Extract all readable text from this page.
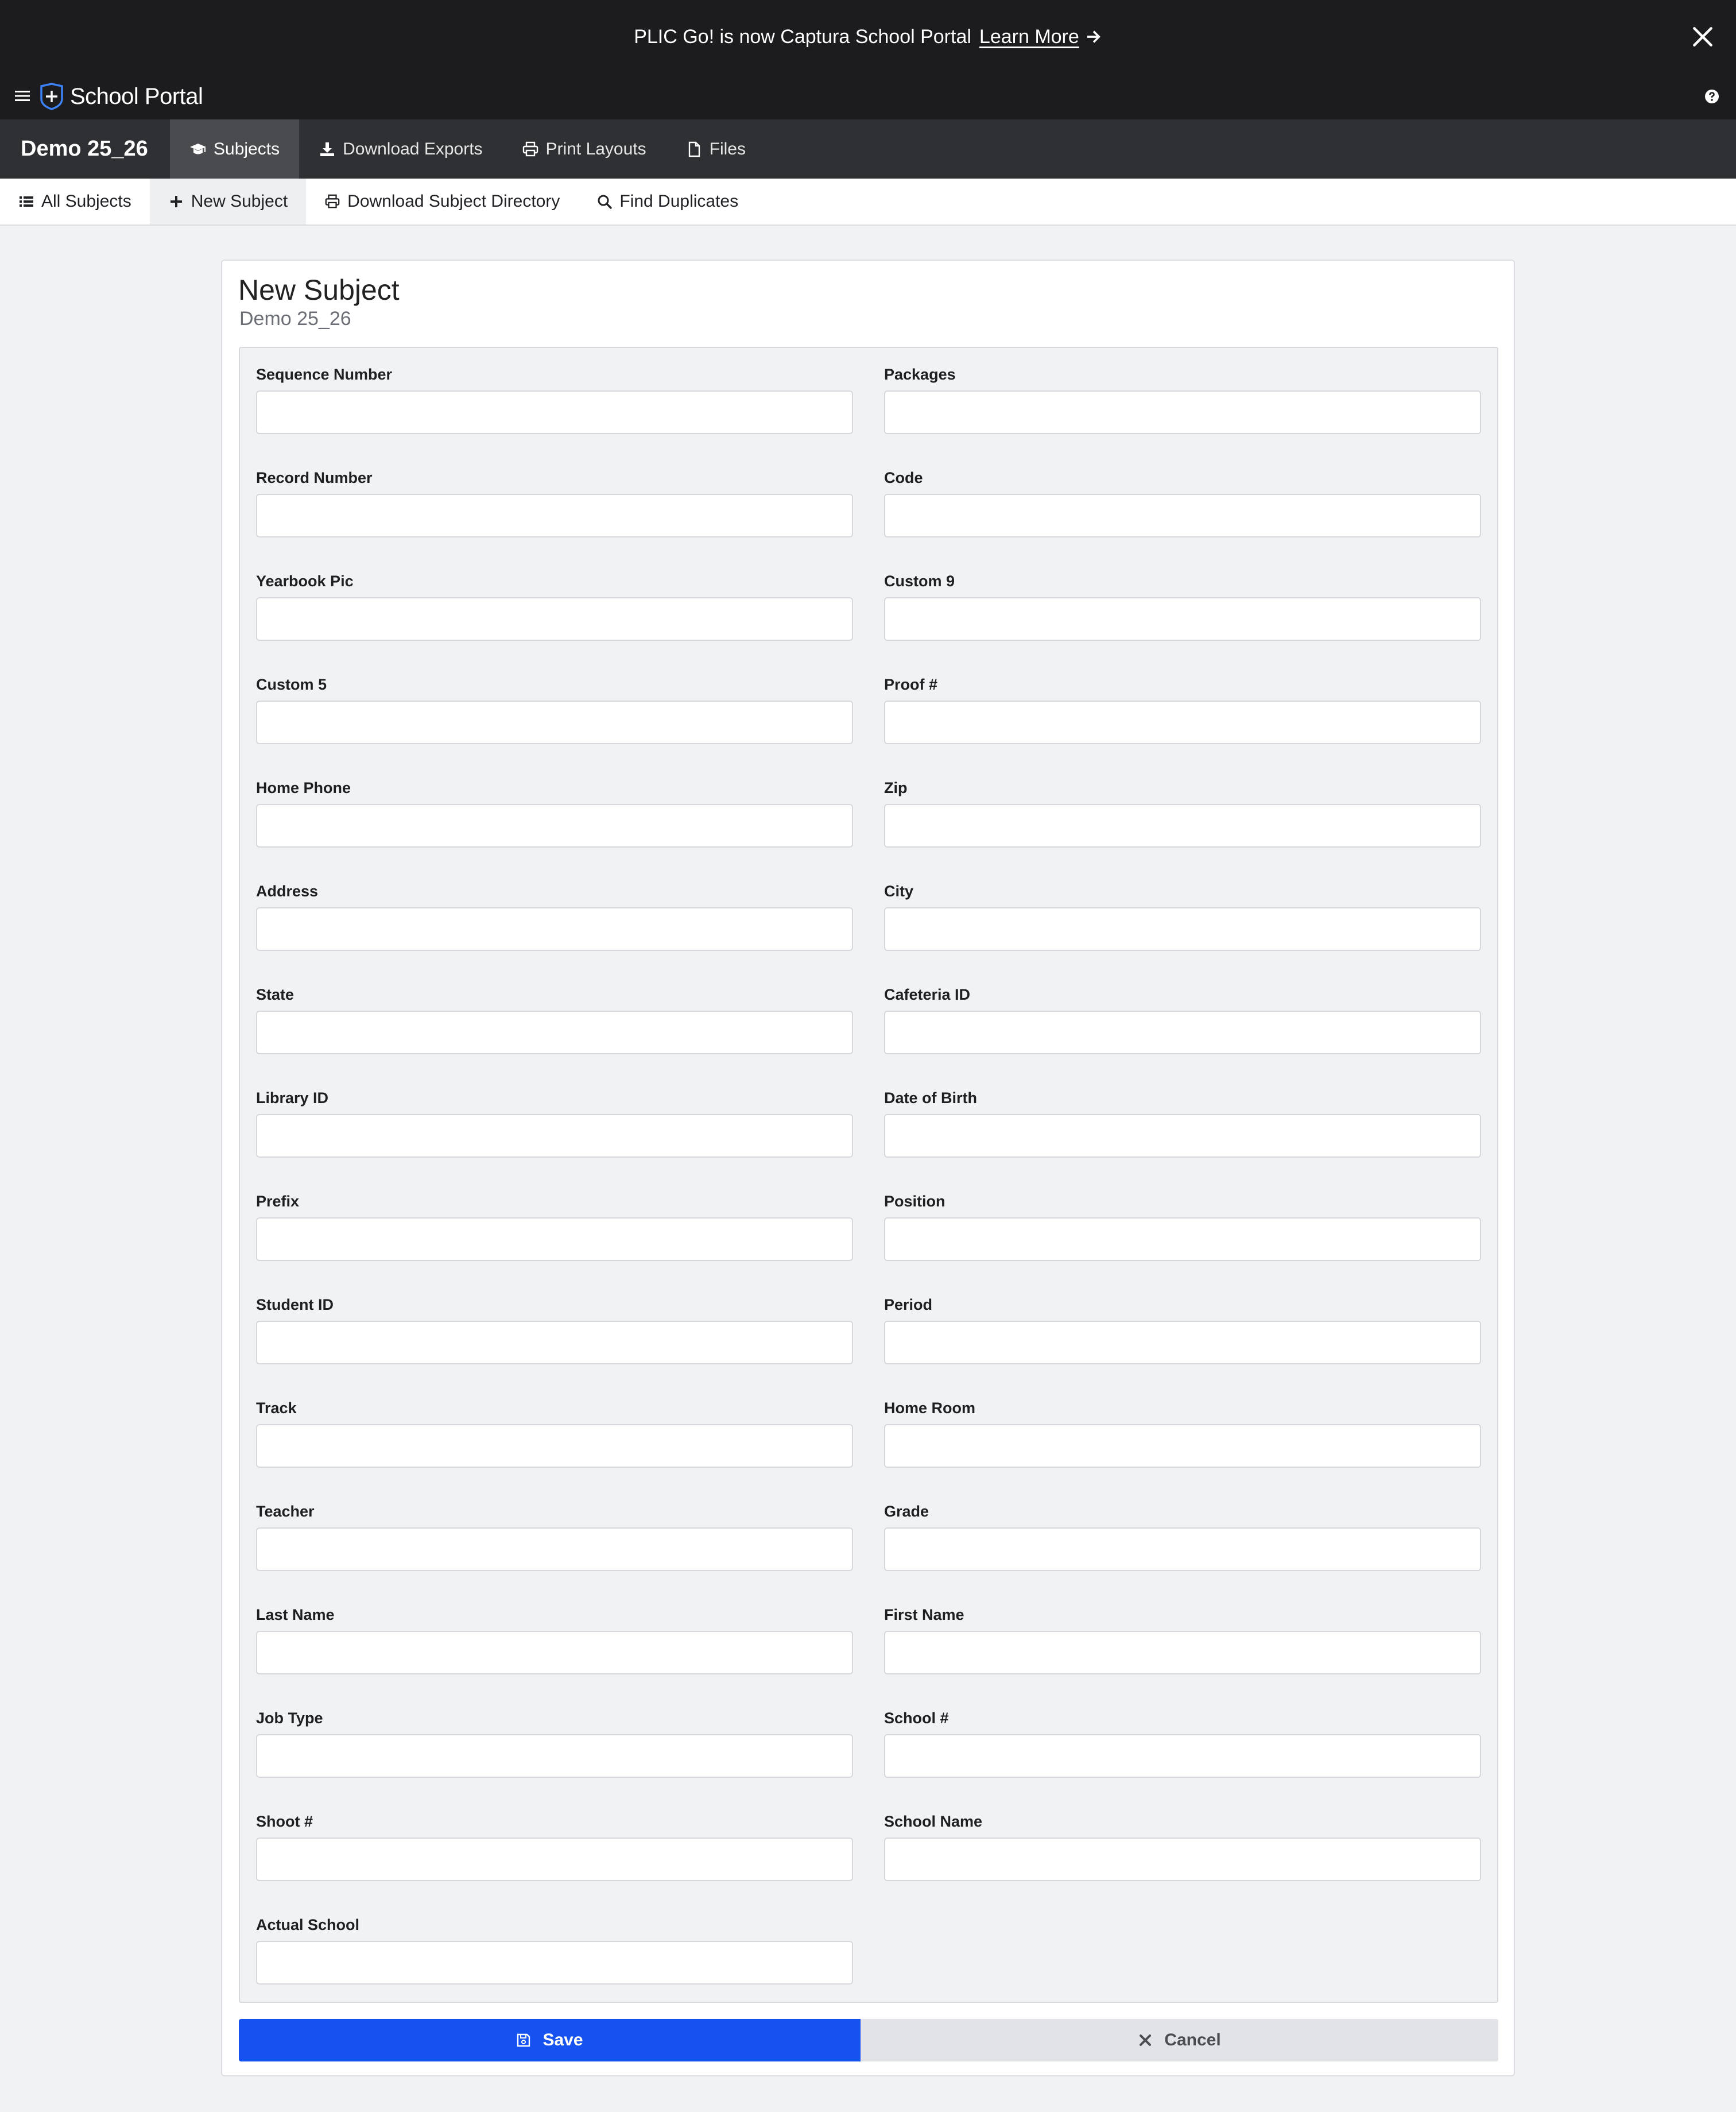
PLIC Go! is now Captura School Portal Learn More
School Portal
Demo 25_26	Subjects	Download Exports	Print Layouts	Files
All Subjects	New Subject	Download Subject Directory	Find Duplicates
New Subject
Demo 25_26
Sequence Number	Packages
Record Number	Code
Yearbook Pic	Custom 9
Custom 5	Proof #
Home Phone	Zip
Address	City
State	Cafeteria ID
Library ID	Date of Birth
Prefix	Position
Student ID	Period
Track	Home Room
Teacher	Grade
Last Name	First Name
Job Type	School #
Shoot #	School Name
Actual School
Save	Cancel
